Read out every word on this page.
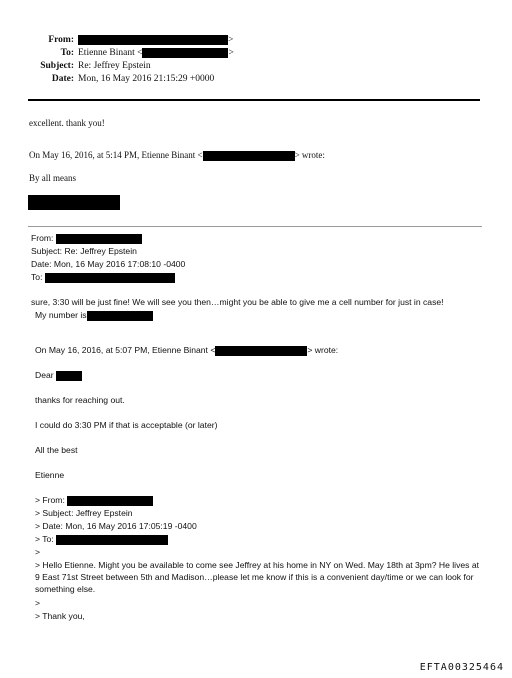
From:	>
To: Etienne Binant <	>
Subject: Re: Jeffrey Epstein
Date: Mon, 16 May 2016 21:15:29 +0000
excellent. thank you!
On May 16, 2016, at 5:14 PM, Etienne Binant <	> wrote:
By all means
From:
Subject: Re: Jeffrey Epstein
Date: Mon, 16 May 2016 17:08:10 -0400
To:
sure, 3:30 will be just fine! We will see you then…might you be able to give me a cell number for just in case!
My number is
On May 16, 2016, at 5:07 PM, Etienne Binant <	> wrote:
Dear
thanks for reaching out.
I could do 3:30 PM if that is acceptable (or later)
All the best
Etienne
> From:
> Subject: Jeffrey Epstein
> Date: Mon, 16 May 2016 17:05:19 -0400
> To:
>
> Hello Etienne. Might you be available to come see Jeffrey at his home in NY on Wed. May 18th at 3pm? He lives at 9 East 71st Street between 5th and Madison…please let me know if this is a convenient day/time or we can look for something else.
>
> Thank you,
EFTA00325464
